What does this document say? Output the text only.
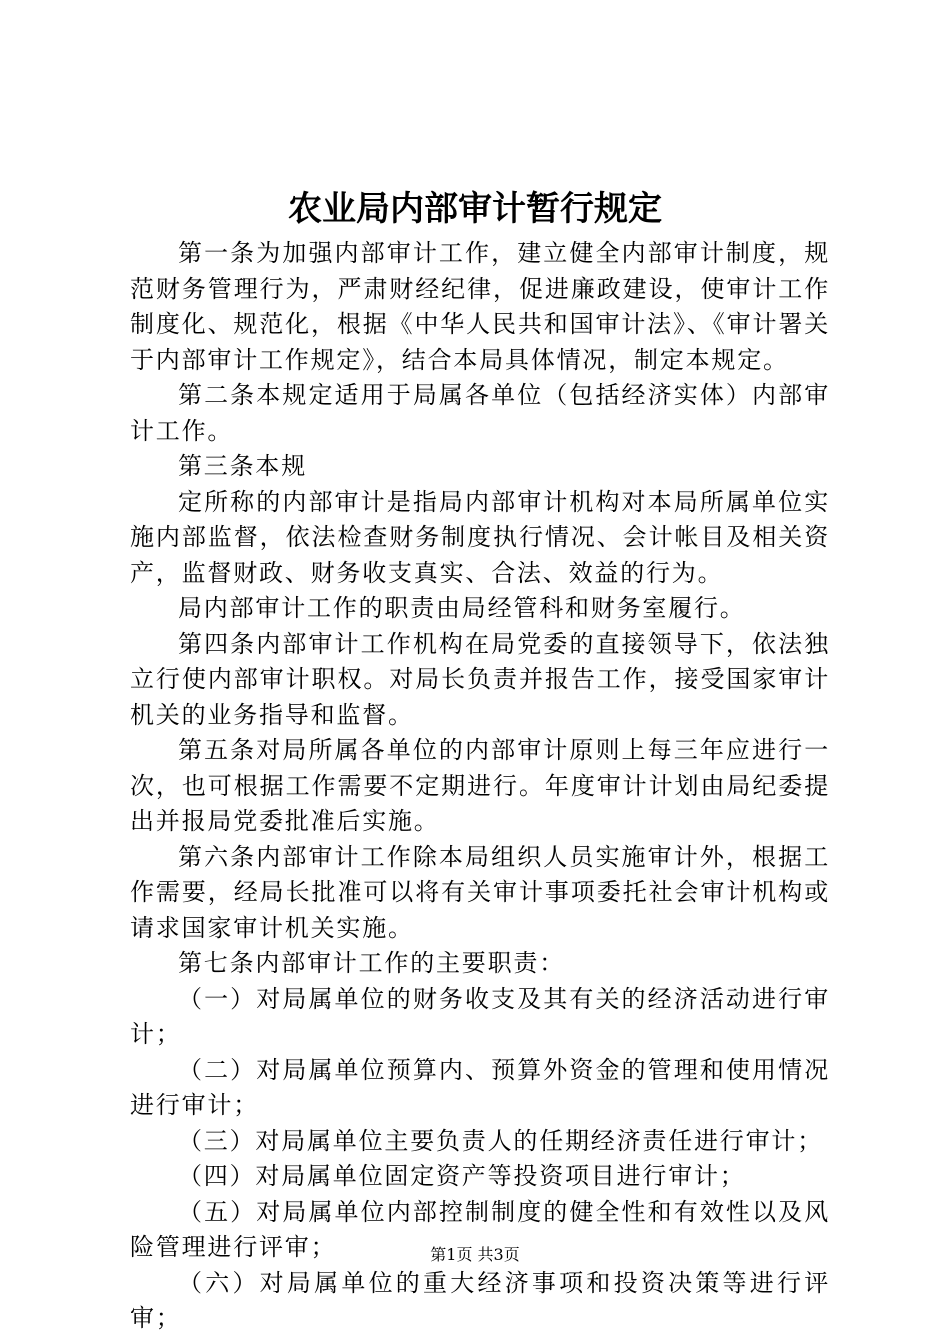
农业局内部审计暂行规定

第一条为加强内部审计工作，建立健全内部审计制度，规范财务管理行为，严肃财经纪律，促进廉政建设，使审计工作制度化、规范化，根据《中华人民共和国审计法》、《审计署关于内部审计工作规定》，结合本局具体情况，制定本规定。

第二条本规定适用于局属各单位（包括经济实体）内部审计工作。

第三条本规

定所称的内部审计是指局内部审计机构对本局所属单位实施内部监督，依法检查财务制度执行情况、会计帐目及相关资产，监督财政、财务收支真实、合法、效益的行为。

局内部审计工作的职责由局经管科和财务室履行。

第四条内部审计工作机构在局党委的直接领导下，依法独立行使内部审计职权。对局长负责并报告工作，接受国家审计机关的业务指导和监督。

第五条对局所属各单位的内部审计原则上每三年应进行一次，也可根据工作需要不定期进行。年度审计计划由局纪委提出并报局党委批准后实施。

第六条内部审计工作除本局组织人员实施审计外，根据工作需要，经局长批准可以将有关审计事项委托社会审计机构或请求国家审计机关实施。

第七条内部审计工作的主要职责：

（一）对局属单位的财务收支及其有关的经济活动进行审计；

（二）对局属单位预算内、预算外资金的管理和使用情况进行审计；

（三）对局属单位主要负责人的任期经济责任进行审计；

（四）对局属单位固定资产等投资项目进行审计；

（五）对局属单位内部控制制度的健全性和有效性以及风险管理进行评审；

（六）对局属单位的重大经济事项和投资决策等进行评审；

第1页 共3页
